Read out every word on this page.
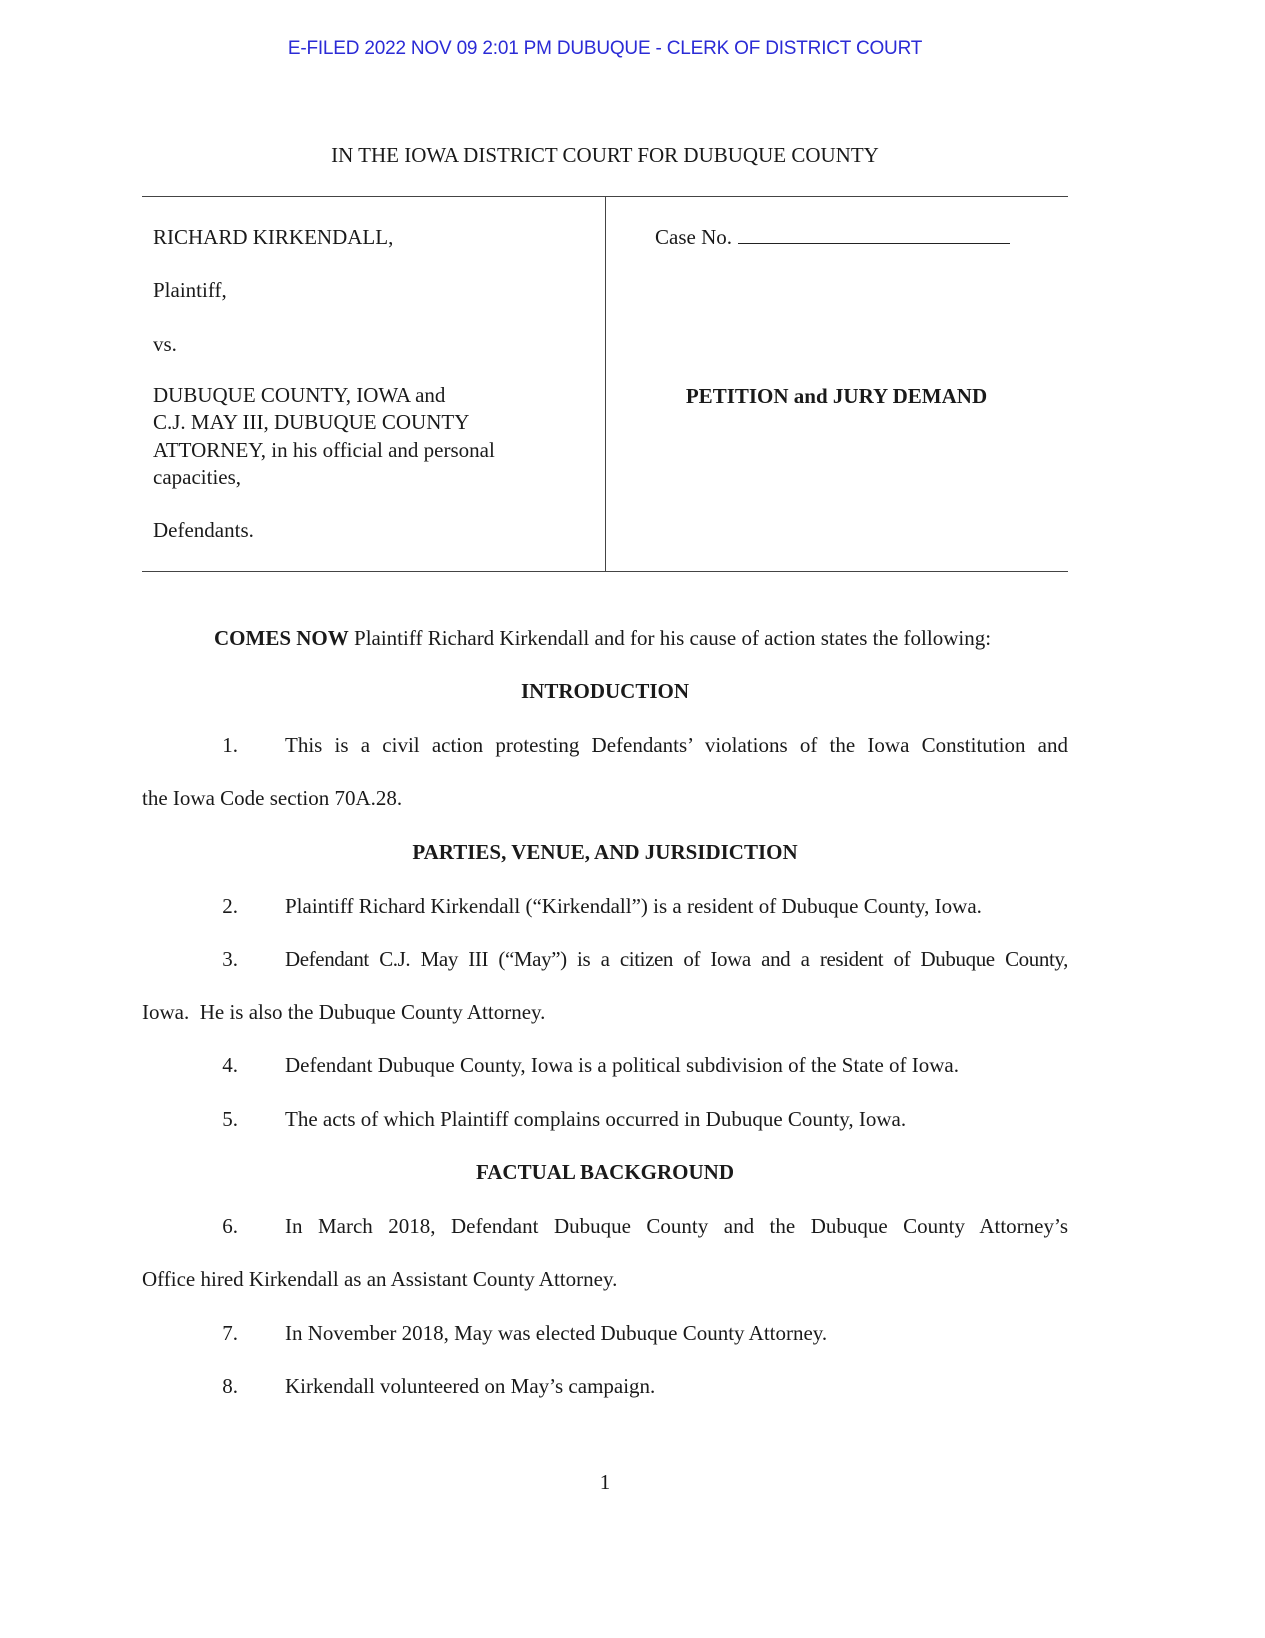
E-FILED 2022 NOV 09 2:01 PM DUBUQUE - CLERK OF DISTRICT COURT
IN THE IOWA DISTRICT COURT FOR DUBUQUE COUNTY
RICHARD KIRKENDALL,
Plaintiff,
vs.
DUBUQUE COUNTY, IOWA and
C.J. MAY III, DUBUQUE COUNTY
ATTORNEY, in his official and personal
capacities,
Defendants.
Case No.
PETITION and JURY DEMAND
COMES NOW Plaintiff Richard Kirkendall and for his cause of action states the following:
INTRODUCTION
1. This is a civil action protesting Defendants’ violations of the Iowa Constitution and
the Iowa Code section 70A.28.
PARTIES, VENUE, AND JURSIDICTION
2. Plaintiff Richard Kirkendall (“Kirkendall”) is a resident of Dubuque County, Iowa.
3. Defendant C.J. May III (“May”) is a citizen of Iowa and a resident of Dubuque County,
Iowa.  He is also the Dubuque County Attorney.
4. Defendant Dubuque County, Iowa is a political subdivision of the State of Iowa.
5. The acts of which Plaintiff complains occurred in Dubuque County, Iowa.
FACTUAL BACKGROUND
6. In March 2018, Defendant Dubuque County and the Dubuque County Attorney’s
Office hired Kirkendall as an Assistant County Attorney.
7. In November 2018, May was elected Dubuque County Attorney.
8. Kirkendall volunteered on May’s campaign.
1
